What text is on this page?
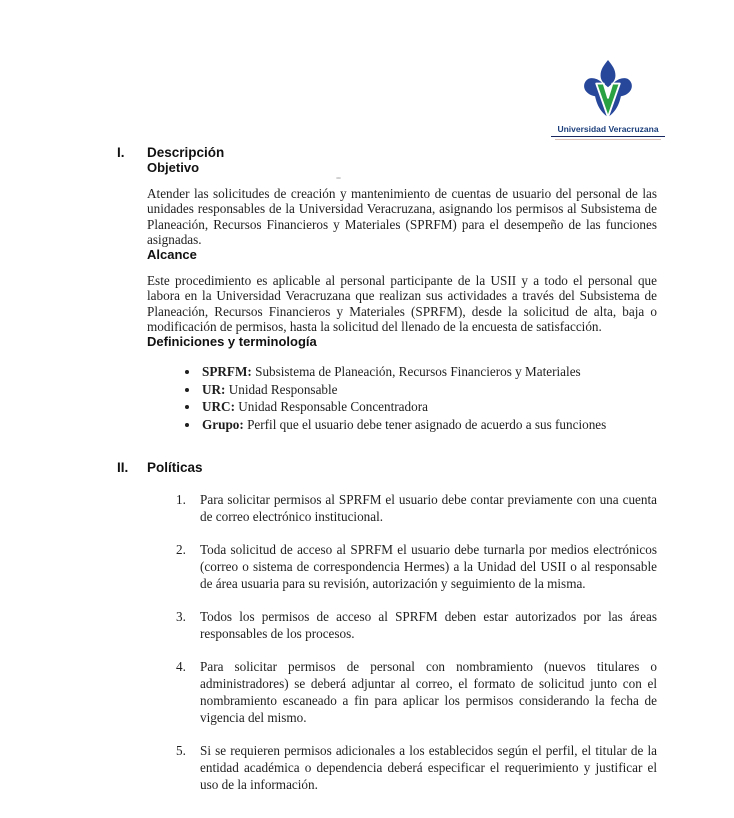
Universidad Veracruzana
I.	Descripción
Objetivo

Atender las solicitudes de creación y mantenimiento de cuentas de usuario del personal de las unidades responsables de la Universidad Veracruzana, asignando los permisos al Subsistema de Planeación, Recursos Financieros y Materiales (SPRFM) para el desempeño de las funciones asignadas.

Alcance

Este procedimiento es aplicable al personal participante de la USII y a todo el personal que labora en la Universidad Veracruzana que realizan sus actividades a través del Subsistema de Planeación, Recursos Financieros y Materiales (SPRFM), desde la solicitud de alta, baja o modificación de permisos, hasta la solicitud del llenado de la encuesta de satisfacción.

Definiciones y terminología
• SPRFM: Subsistema de Planeación, Recursos Financieros y Materiales
• UR: Unidad Responsable
• URC: Unidad Responsable Concentradora
• Grupo: Perfil que el usuario debe tener asignado de acuerdo a sus funciones
II.	Políticas
1.	Para solicitar permisos al SPRFM el usuario debe contar previamente con una cuenta de correo electrónico institucional.
2.	Toda solicitud de acceso al SPRFM el usuario debe turnarla por medios electrónicos (correo o sistema de correspondencia Hermes) a la Unidad del USII o al responsable de área usuaria para su revisión, autorización y seguimiento de la misma.
3.	Todos los permisos de acceso al SPRFM deben estar autorizados por las áreas responsables de los procesos.
4.	Para solicitar permisos de personal con nombramiento (nuevos titulares o administradores) se deberá adjuntar al correo, el formato de solicitud junto con el nombramiento escaneado a fin para aplicar los permisos considerando la fecha de vigencia del mismo.
5.	Si se requieren permisos adicionales a los establecidos según el perfil, el titular de la entidad académica o dependencia deberá especificar el requerimiento y justificar el uso de la información.
